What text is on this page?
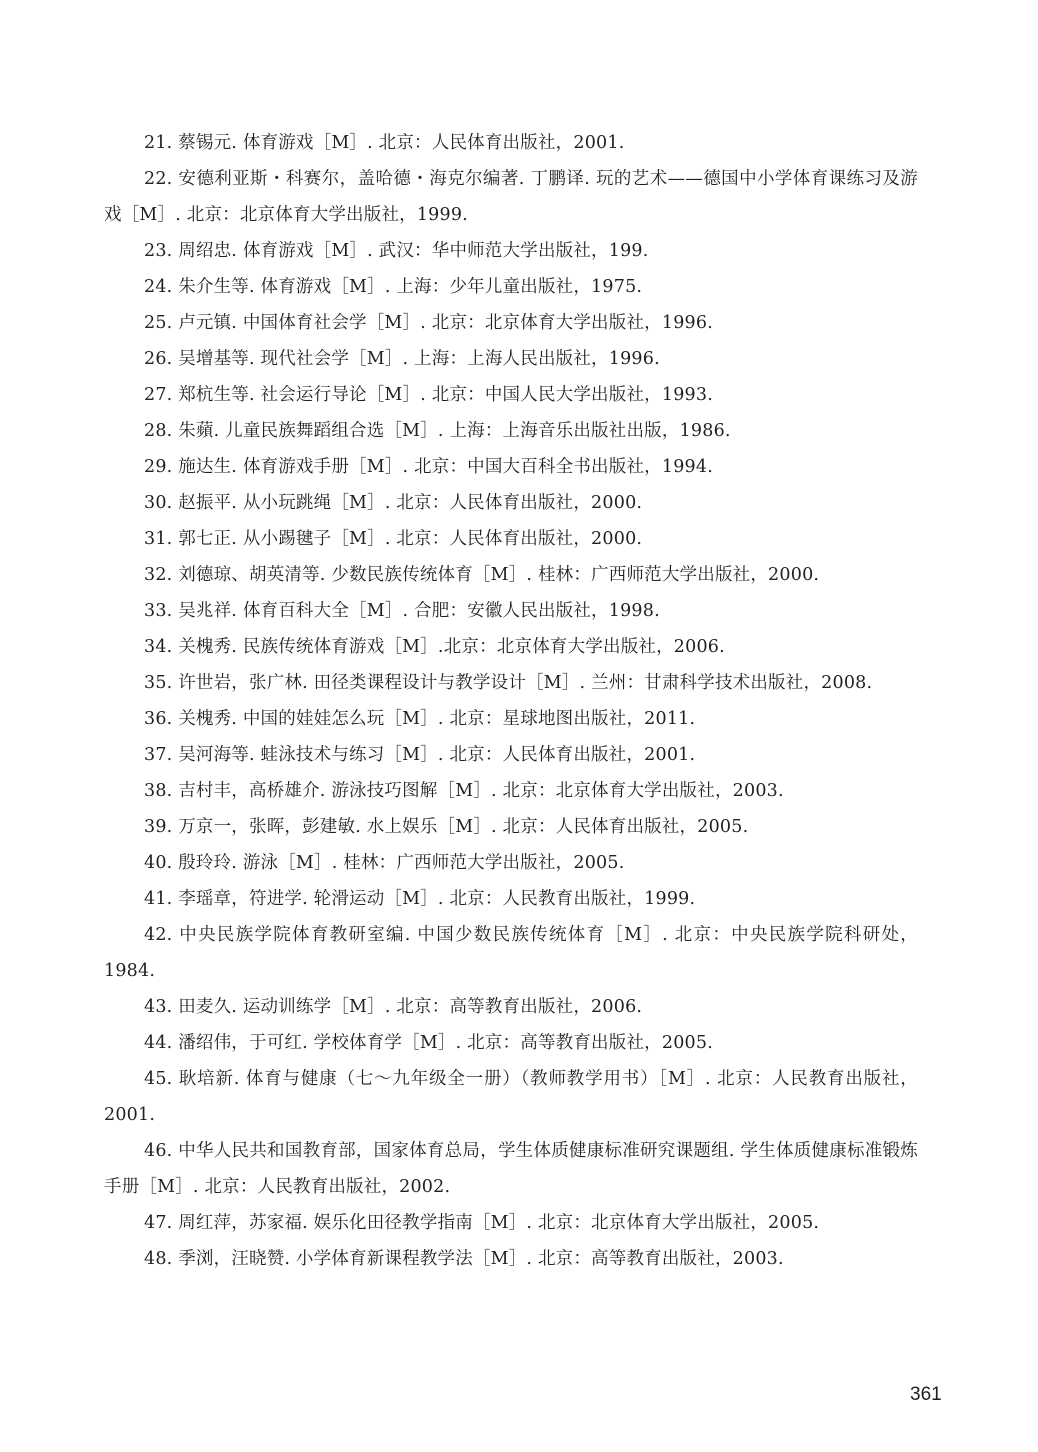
21. 蔡锡元. 体育游戏［M］. 北京：人民体育出版社，2001.
22. 安德利亚斯・科赛尔，盖哈德・海克尔编著. 丁鹏译. 玩的艺术——德国中小学体育课练习及游戏［M］. 北京：北京体育大学出版社，1999.
23. 周绍忠. 体育游戏［M］. 武汉：华中师范大学出版社，199.
24. 朱介生等. 体育游戏［M］. 上海：少年儿童出版社，1975.
25. 卢元镇. 中国体育社会学［M］. 北京：北京体育大学出版社，1996.
26. 吴增基等. 现代社会学［M］. 上海：上海人民出版社，1996.
27. 郑杭生等. 社会运行导论［M］. 北京：中国人民大学出版社，1993.
28. 朱蘋. 儿童民族舞蹈组合选［M］. 上海：上海音乐出版社出版，1986.
29. 施达生. 体育游戏手册［M］. 北京：中国大百科全书出版社，1994.
30. 赵振平. 从小玩跳绳［M］. 北京：人民体育出版社，2000.
31. 郭七正. 从小踢毽子［M］. 北京：人民体育出版社，2000.
32. 刘德琼、胡英清等. 少数民族传统体育［M］. 桂林：广西师范大学出版社，2000.
33. 吴兆祥. 体育百科大全［M］. 合肥：安徽人民出版社，1998.
34. 关槐秀. 民族传统体育游戏［M］.北京：北京体育大学出版社，2006.
35. 许世岩，张广林. 田径类课程设计与教学设计［M］. 兰州：甘肃科学技术出版社，2008.
36. 关槐秀. 中国的娃娃怎么玩［M］. 北京：星球地图出版社，2011.
37. 吴河海等. 蛙泳技术与练习［M］. 北京：人民体育出版社，2001.
38. 吉村丰，高桥雄介. 游泳技巧图解［M］. 北京：北京体育大学出版社，2003.
39. 万京一，张晖，彭建敏. 水上娱乐［M］. 北京：人民体育出版社，2005.
40. 殷玲玲. 游泳［M］. 桂林：广西师范大学出版社，2005.
41. 李瑶章，符进学. 轮滑运动［M］. 北京：人民教育出版社，1999.
42. 中央民族学院体育教研室编. 中国少数民族传统体育［M］. 北京：中央民族学院科研处，1984.
43. 田麦久. 运动训练学［M］. 北京：高等教育出版社，2006.
44. 潘绍伟，于可红. 学校体育学［M］. 北京：高等教育出版社，2005.
45. 耿培新. 体育与健康（七～九年级全一册）（教师教学用书）［M］. 北京：人民教育出版社，2001.
46. 中华人民共和国教育部，国家体育总局，学生体质健康标准研究课题组. 学生体质健康标准锻炼手册［M］. 北京：人民教育出版社，2002.
47. 周红萍，苏家福. 娱乐化田径教学指南［M］. 北京：北京体育大学出版社，2005.
48. 季浏，汪晓赞. 小学体育新课程教学法［M］. 北京：高等教育出版社，2003.
361
